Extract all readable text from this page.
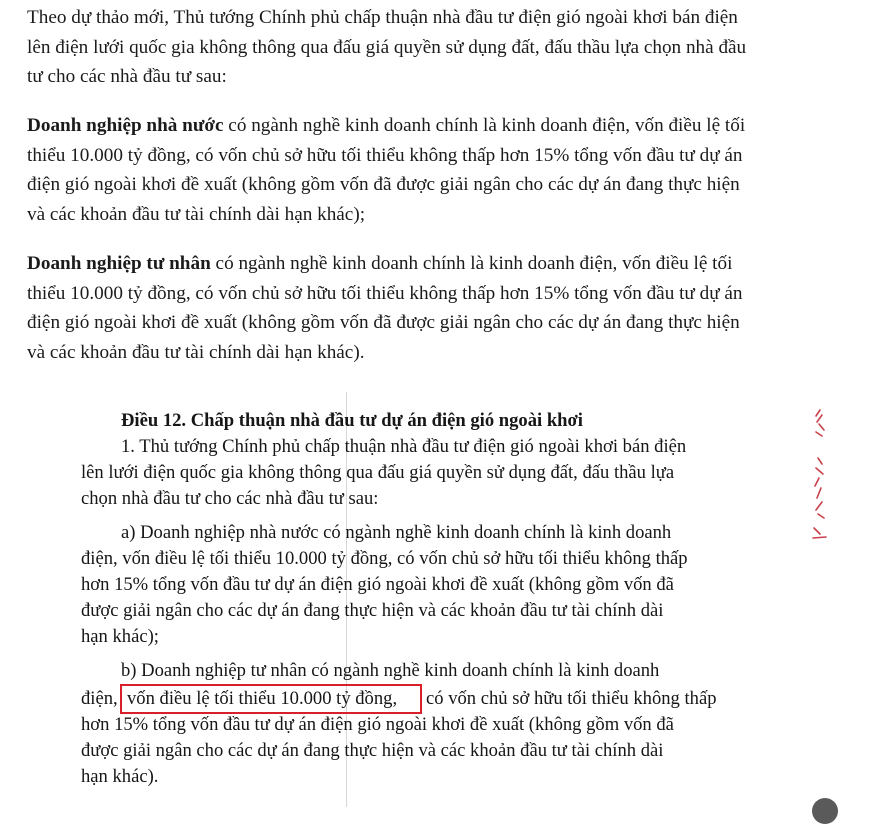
Theo dự thảo mới, Thủ tướng Chính phủ chấp thuận nhà đầu tư điện gió ngoài khơi bán điện
lên điện lưới quốc gia không thông qua đấu giá quyền sử dụng đất, đấu thầu lựa chọn nhà đầu
tư cho các nhà đầu tư sau:

Doanh nghiệp nhà nước có ngành nghề kinh doanh chính là kinh doanh điện, vốn điều lệ tối
thiểu 10.000 tỷ đồng, có vốn chủ sở hữu tối thiểu không thấp hơn 15% tổng vốn đầu tư dự án
điện gió ngoài khơi đề xuất (không gồm vốn đã được giải ngân cho các dự án đang thực hiện
và các khoản đầu tư tài chính dài hạn khác);

Doanh nghiệp tư nhân có ngành nghề kinh doanh chính là kinh doanh điện, vốn điều lệ tối
thiểu 10.000 tỷ đồng, có vốn chủ sở hữu tối thiểu không thấp hơn 15% tổng vốn đầu tư dự án
điện gió ngoài khơi đề xuất (không gồm vốn đã được giải ngân cho các dự án đang thực hiện
và các khoản đầu tư tài chính dài hạn khác).

Điều 12. Chấp thuận nhà đầu tư dự án điện gió ngoài khơi
1. Thủ tướng Chính phủ chấp thuận nhà đầu tư điện gió ngoài khơi bán điện
lên lưới điện quốc gia không thông qua đấu giá quyền sử dụng đất, đấu thầu lựa
chọn nhà đầu tư cho các nhà đầu tư sau:
a) Doanh nghiệp nhà nước có ngành nghề kinh doanh chính là kinh doanh
điện, vốn điều lệ tối thiểu 10.000 tỷ đồng, có vốn chủ sở hữu tối thiểu không thấp
hơn 15% tổng vốn đầu tư dự án điện gió ngoài khơi đề xuất (không gồm vốn đã
được giải ngân cho các dự án đang thực hiện và các khoản đầu tư tài chính dài
hạn khác);
b) Doanh nghiệp tư nhân có ngành nghề kinh doanh chính là kinh doanh
điện, vốn điều lệ tối thiểu 10.000 tỷ đồng, có vốn chủ sở hữu tối thiểu không thấp
hơn 15% tổng vốn đầu tư dự án điện gió ngoài khơi đề xuất (không gồm vốn đã
được giải ngân cho các dự án đang thực hiện và các khoản đầu tư tài chính dài
hạn khác).
